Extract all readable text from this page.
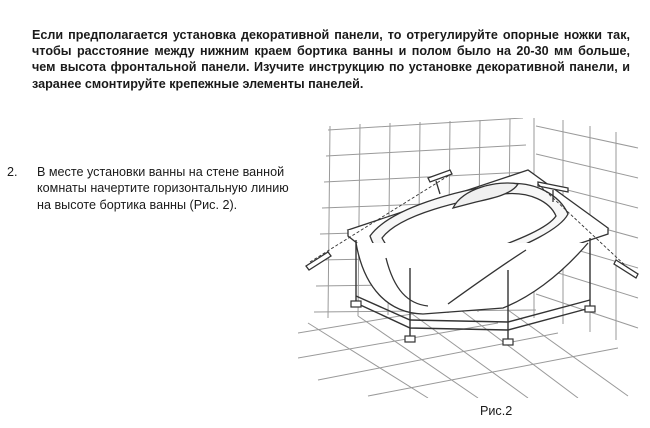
Если предполагается установка декоративной панели, то отрегулируйте опорные ножки так, чтобы расстояние между нижним краем бортика ванны и полом было на 20-30 мм больше, чем высота фронтальной панели. Изучите инструкцию по установке декоративной панели, и заранее смонтируйте крепежные элементы панелей.

2. В месте установки ванны на стене ванной комнаты начертите горизонтальную линию на высоте бортика ванны (Рис. 2).

Рис.2
